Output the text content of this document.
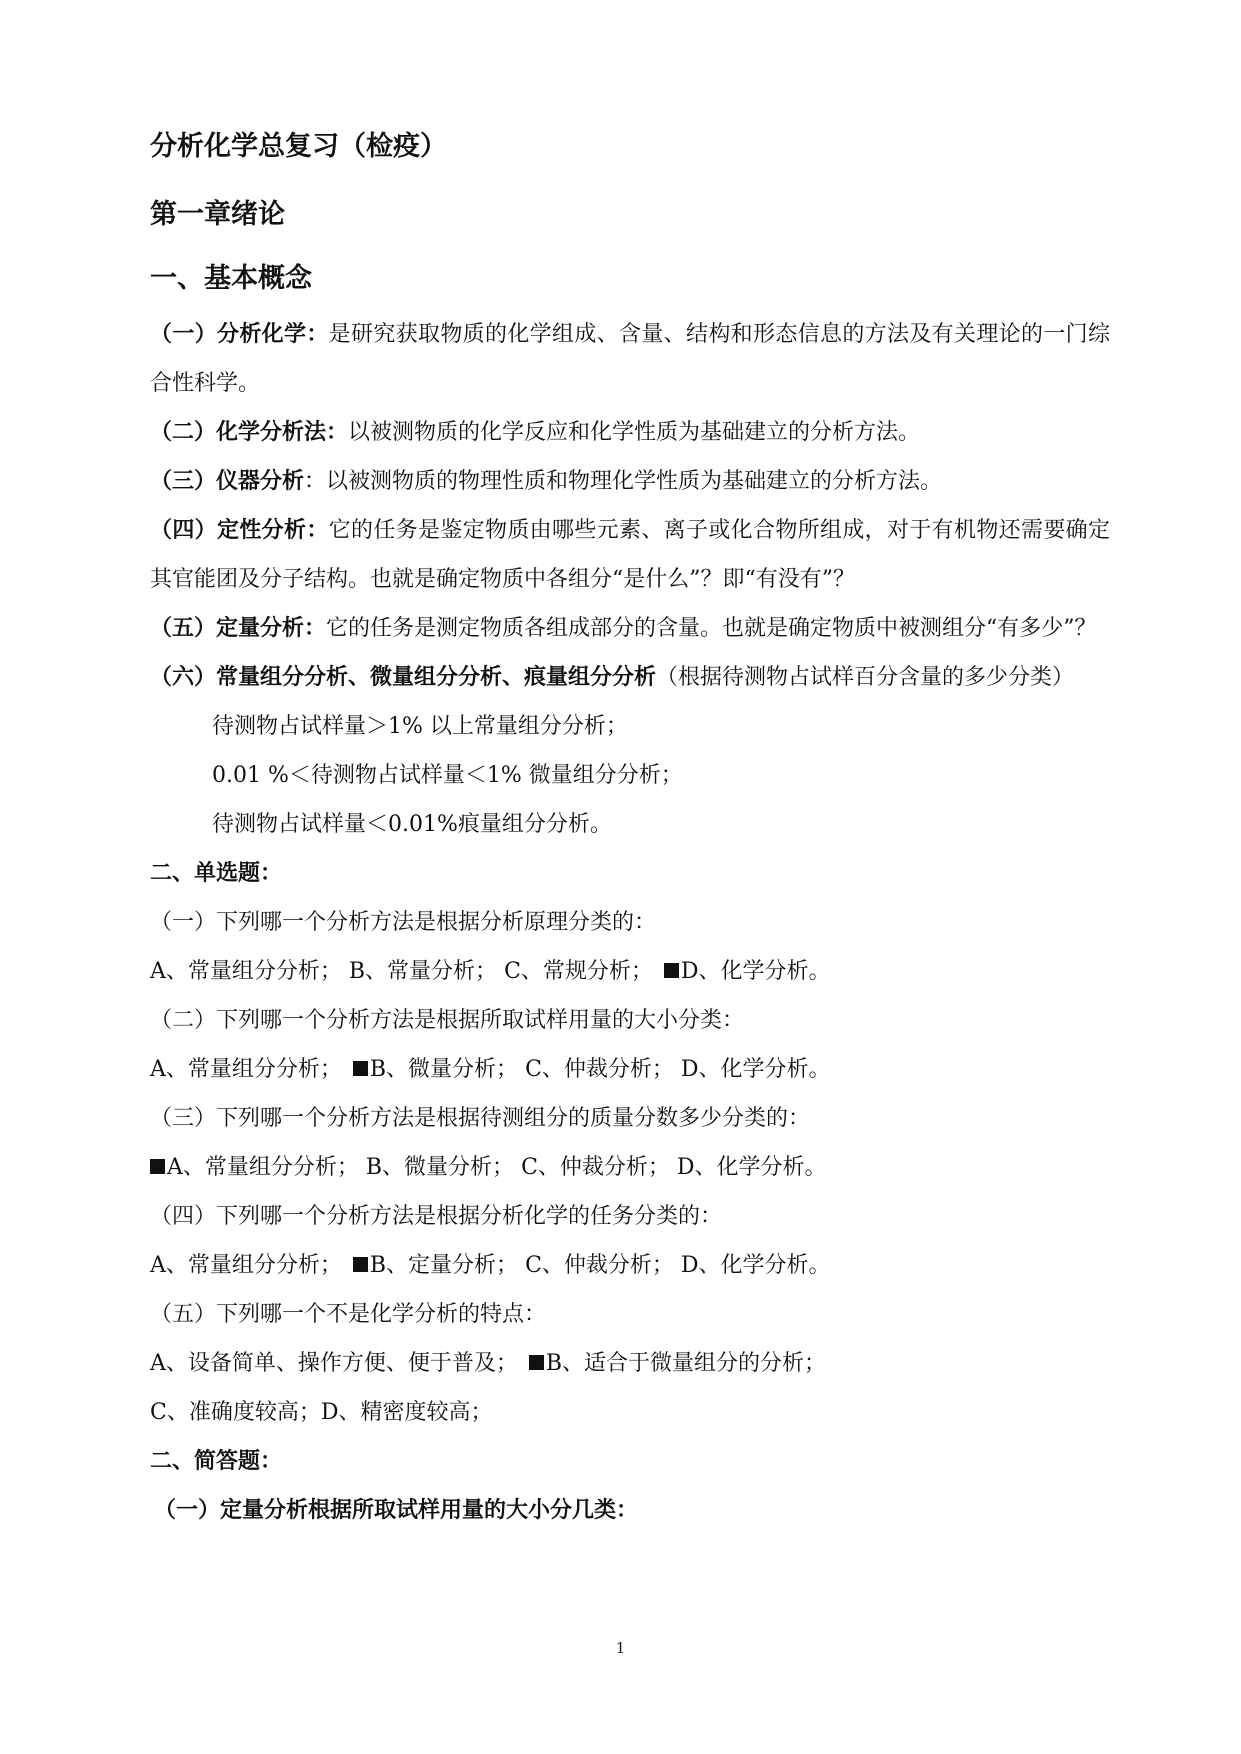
分析化学总复习（检疫）
第一章绪论
一、基本概念

（一）分析化学：是研究获取物质的化学组成、含量、结构和形态信息的方法及有关理论的一门综合性科学。

（二）化学分析法：以被测物质的化学反应和化学性质为基础建立的分析方法。

（三）仪器分析：以被测物质的物理性质和物理化学性质为基础建立的分析方法。

（四）定性分析：它的任务是鉴定物质由哪些元素、离子或化合物所组成，对于有机物还需要确定其官能团及分子结构。也就是确定物质中各组分“是什么”？即“有没有”？

（五）定量分析：它的任务是测定物质各组成部分的含量。也就是确定物质中被测组分“有多少”？

（六）常量组分分析、微量组分分析、痕量组分分析（根据待测物占试样百分含量的多少分类）

待测物占试样量＞1% 以上常量组分分析；

0.01 %＜待测物占试样量＜1% 微量组分分析；

待测物占试样量＜0.01%痕量组分分析。

二、单选题：

（一）下列哪一个分析方法是根据分析原理分类的：

A、常量组分分析； B、常量分析； C、常规分析； D、化学分析。

（二）下列哪一个分析方法是根据所取试样用量的大小分类：

A、常量组分分析； B、微量分析； C、仲裁分析； D、化学分析。

（三）下列哪一个分析方法是根据待测组分的质量分数多少分类的：

A、常量组分分析； B、微量分析； C、仲裁分析； D、化学分析。

（四）下列哪一个分析方法是根据分析化学的任务分类的：

A、常量组分分析； B、定量分析； C、仲裁分析； D、化学分析。

（五）下列哪一个不是化学分析的特点：

A、设备简单、操作方便、便于普及； B、适合于微量组分的分析；

C、准确度较高；D、精密度较高；

二、简答题：
（一）定量分析根据所取试样用量的大小分几类：
1
